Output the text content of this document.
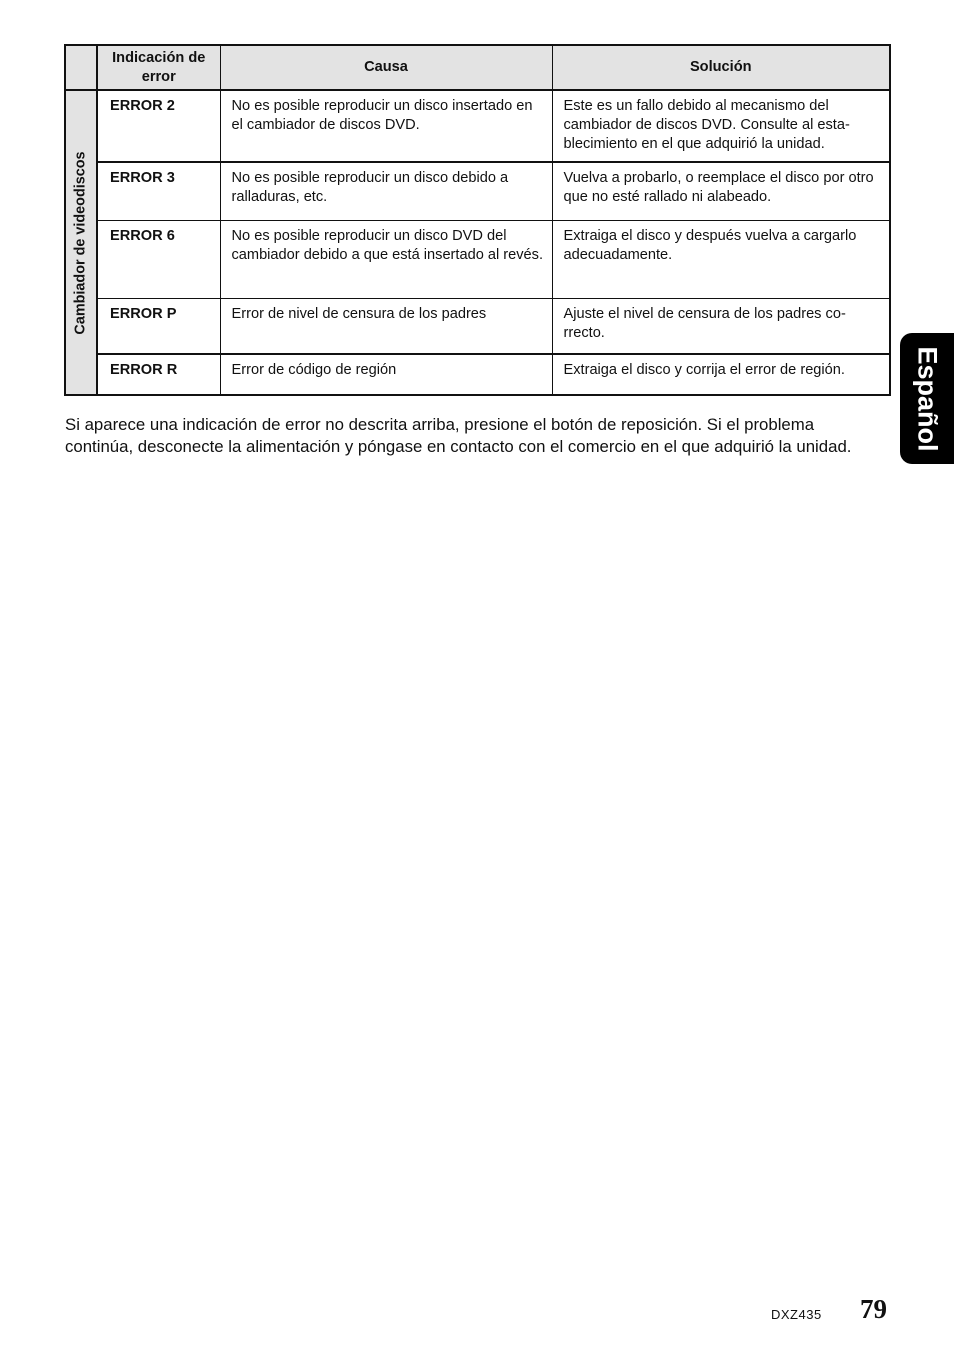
	Indicación de error	Causa	Solución

Cambiador de videodiscos	ERROR 2	No es posible reproducir un disco insertado en el cambiador de discos DVD.	Este es un fallo debido al mecanismo del cambiador de discos DVD. Consulte al esta-blecimiento en el que adquirió la unidad.
	ERROR 3	No es posible reproducir un disco debido a ralladuras, etc.	Vuelva a probarlo, o reemplace el disco por otro que no esté rallado ni alabeado.
	ERROR 6	No es posible reproducir un disco DVD del cambiador debido a que está insertado al revés.	Extraiga el disco y después vuelva a cargarlo adecuadamente.
	ERROR P	Error de nivel de censura de los padres	Ajuste el nivel de censura de los padres co-rrecto.
	ERROR R	Error de código de región	Extraiga el disco y corrija el error de región.

Si aparece una indicación de error no descrita arriba, presione el botón de reposición. Si el problema continúa, desconecte la alimentación y póngase en contacto con el comercio en el que adquirió la unidad.	Español
DXZ435 79
